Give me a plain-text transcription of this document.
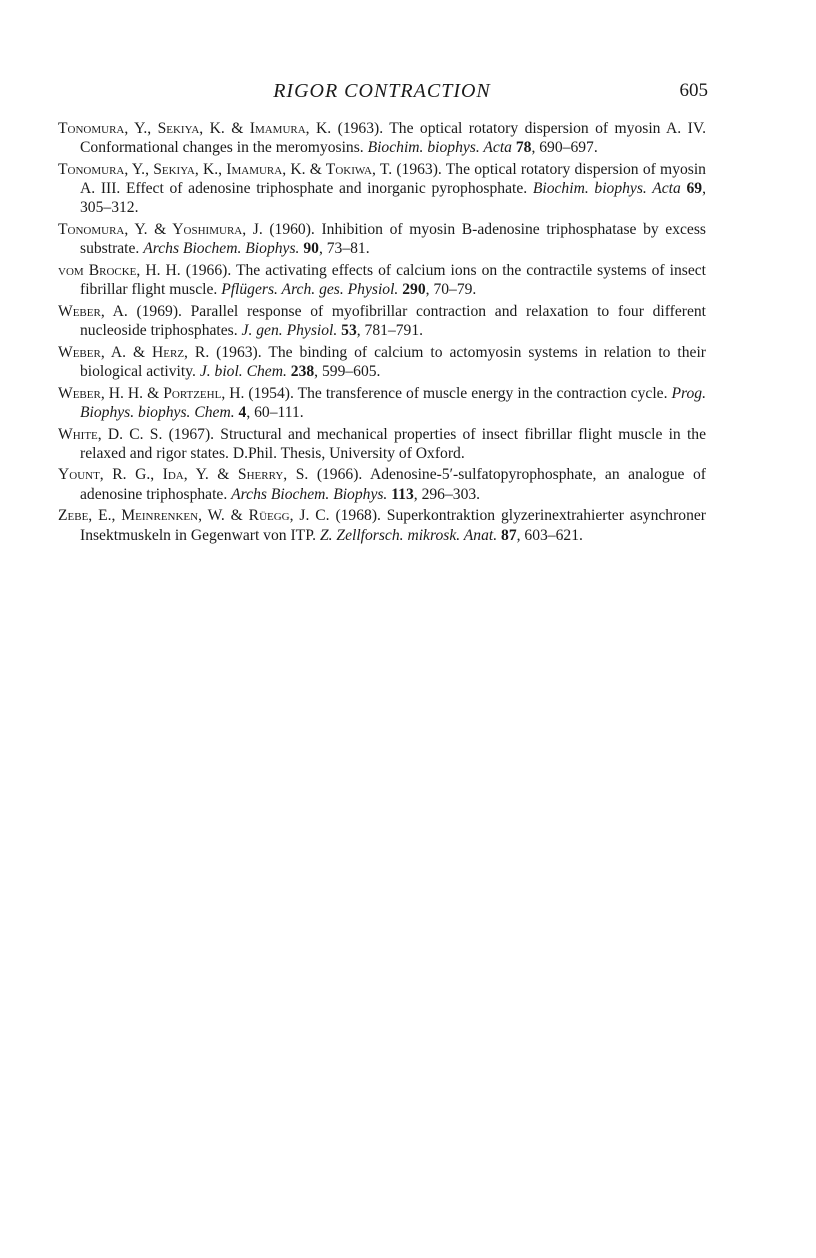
RIGOR CONTRACTION	605

Tonomura, Y., Sekiya, K. & Imamura, K. (1963). The optical rotatory dispersion of myosin A. IV. Conformational changes in the meromyosins. Biochim. biophys. Acta 78, 690–697.

Tonomura, Y., Sekiya, K., Imamura, K. & Tokiwa, T. (1963). The optical rotatory dispersion of myosin A. III. Effect of adenosine triphosphate and inorganic pyrophosphate. Biochim. biophys. Acta 69, 305–312.

Tonomura, Y. & Yoshimura, J. (1960). Inhibition of myosin B-adenosine triphosphatase by excess substrate. Archs Biochem. Biophys. 90, 73–81.

vom Brocke, H. H. (1966). The activating effects of calcium ions on the contractile systems of insect fibrillar flight muscle. Pflügers. Arch. ges. Physiol. 290, 70–79.

Weber, A. (1969). Parallel response of myofibrillar contraction and relaxation to four different nucleoside triphosphates. J. gen. Physiol. 53, 781–791.

Weber, A. & Herz, R. (1963). The binding of calcium to actomyosin systems in relation to their biological activity. J. biol. Chem. 238, 599–605.

Weber, H. H. & Portzehl, H. (1954). The transference of muscle energy in the contraction cycle. Prog. Biophys. biophys. Chem. 4, 60–111.

White, D. C. S. (1967). Structural and mechanical properties of insect fibrillar flight muscle in the relaxed and rigor states. D.Phil. Thesis, University of Oxford.

Yount, R. G., Ida, Y. & Sherry, S. (1966). Adenosine-5′-sulfatopyrophosphate, an analogue of adenosine triphosphate. Archs Biochem. Biophys. 113, 296–303.

Zebe, E., Meinrenken, W. & Rüegg, J. C. (1968). Superkontraktion glyzerinextrahierter asynchroner Insektmuskeln in Gegenwart von ITP. Z. Zellforsch. mikrosk. Anat. 87, 603–621.
